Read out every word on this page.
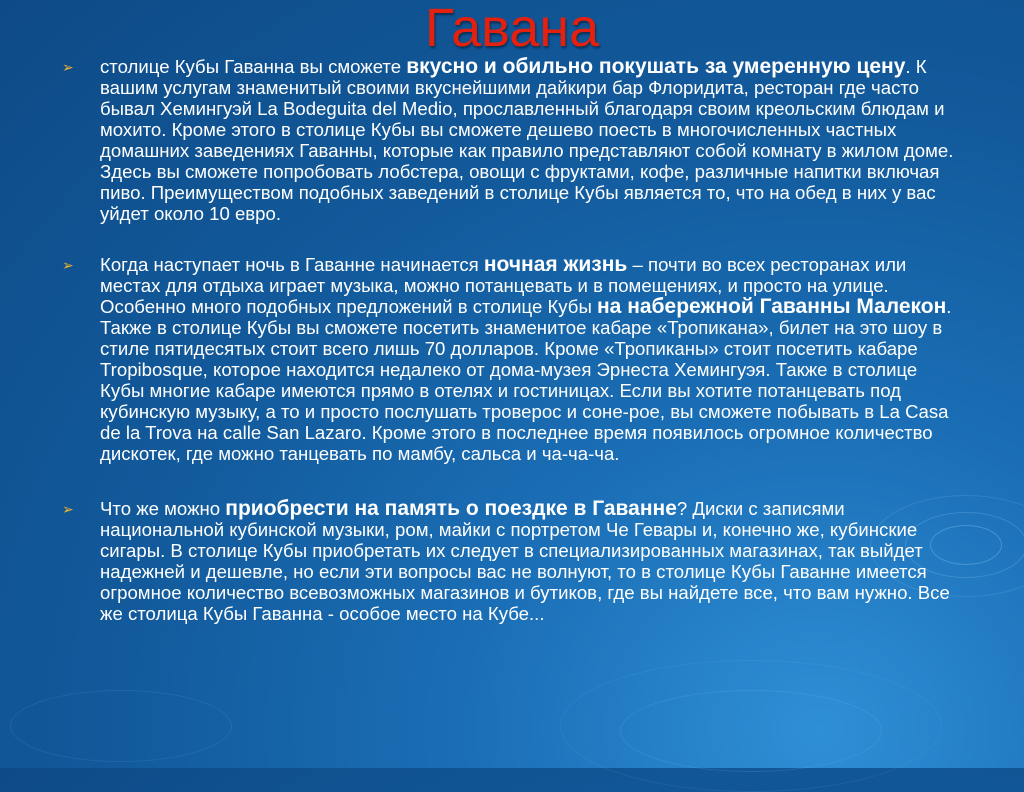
Гавана
➢ столице Кубы Гаванна вы сможете вкусно и обильно покушать за умеренную цену. К вашим услугам знаменитый своими вкуснейшими дайкири бар Флоридита, ресторан где часто бывал Хемингуэй La Bodeguita del Medio, прославленный благодаря своим креольским блюдам и мохито. Кроме этого в столице Кубы вы сможете дешево поесть в многочисленных частных домашних заведениях Гаванны, которые как правило представляют собой комнату в жилом доме. Здесь вы сможете попробовать лобстера, овощи с фруктами, кофе, различные напитки включая пиво. Преимуществом подобных заведений в столице Кубы является то, что на обед в них у вас уйдет около 10 евро.
➢ Когда наступает ночь в Гаванне начинается ночная жизнь – почти во всех ресторанах или местах для отдыха играет музыка, можно потанцевать и в помещениях, и просто на улице. Особенно много подобных предложений в столице Кубы на набережной Гаванны Малекон. Также в столице Кубы вы сможете посетить знаменитое кабаре «Тропикана», билет на это шоу в стиле пятидесятых стоит всего лишь 70 долларов. Кроме «Тропиканы» стоит посетить кабаре Tropibosque, которое находится недалеко от дома-музея Эрнеста Хемингуэя. Также в столице Кубы многие кабаре имеются прямо в отелях и гостиницах. Если вы хотите потанцевать под кубинскую музыку, а то и просто послушать троверос и соне-рое, вы сможете побывать в La Casa de la Trova на calle San Lazaro. Кроме этого в последнее время появилось огромное количество дискотек, где можно танцевать по мамбу, сальса и ча-ча-ча.
➢ Что же можно приобрести на память о поездке в Гаванне? Диски с записями национальной кубинской музыки, ром, майки с портретом Че Гевары и, конечно же, кубинские сигары. В столице Кубы приобретать их следует в специализированных магазинах, так выйдет надежней и дешевле, но если эти вопросы вас не волнуют, то в столице Кубы Гаванне имеется огромное количество всевозможных магазинов и бутиков, где вы найдете все, что вам нужно. Все же столица Кубы Гаванна - особое место на Кубе...
